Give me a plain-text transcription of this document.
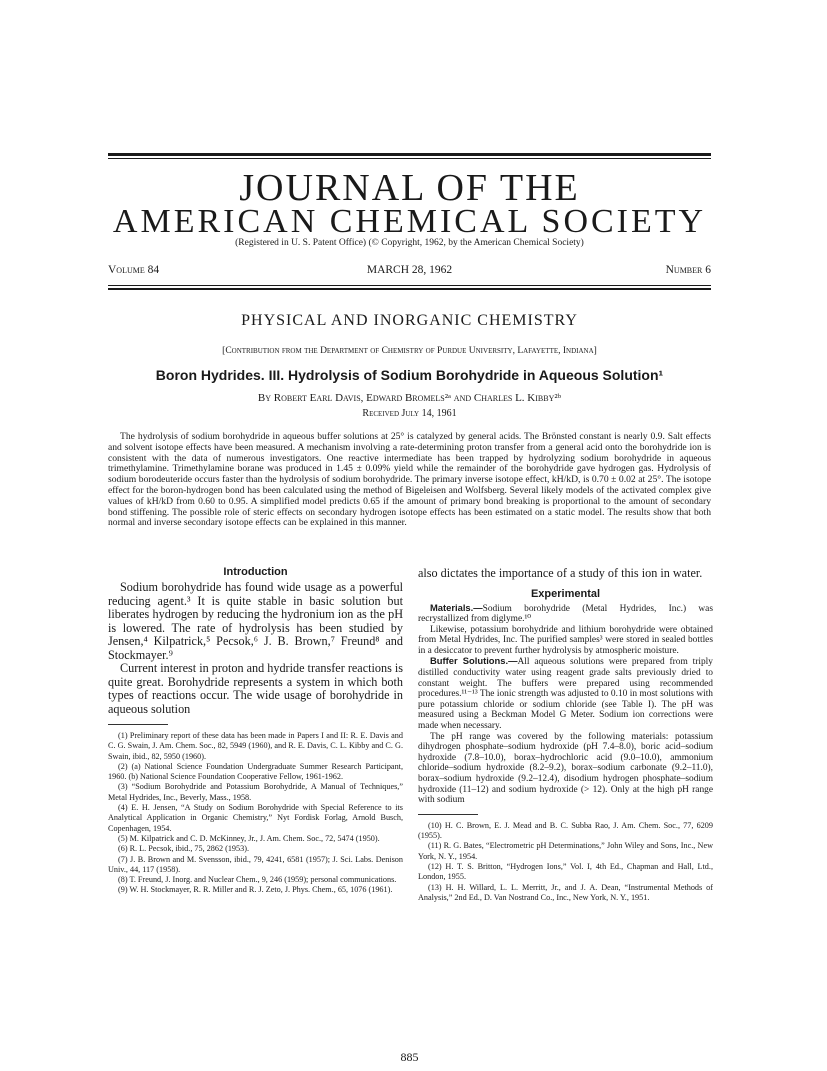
JOURNAL OF THE
AMERICAN CHEMICAL SOCIETY
(Registered in U. S. Patent Office) (© Copyright, 1962, by the American Chemical Society)
Volume 84	MARCH 28, 1962	Number 6
PHYSICAL AND INORGANIC CHEMISTRY
[Contribution from the Department of Chemistry of Purdue University, Lafayette, Indiana]
Boron Hydrides. III. Hydrolysis of Sodium Borohydride in Aqueous Solution¹
By Robert Earl Davis, Edward Bromels²ᵃ and Charles L. Kibby²ᵇ
Received July 14, 1961

The hydrolysis of sodium borohydride in aqueous buffer solutions at 25° is catalyzed by general acids. The Brönsted constant is nearly 0.9. Salt effects and solvent isotope effects have been measured. A mechanism involving a rate-determining proton transfer from a general acid onto the borohydride ion is consistent with the data of numerous investigators. One reactive intermediate has been trapped by hydrolyzing sodium borohydride in aqueous trimethylamine. Trimethylamine borane was produced in 1.45 ± 0.09% yield while the remainder of the borohydride gave hydrogen gas. Hydrolysis of sodium borodeuteride occurs faster than the hydrolysis of sodium borohydride. The primary inverse isotope effect, kH/kD, is 0.70 ± 0.02 at 25°. The isotope effect for the boron-hydrogen bond has been calculated using the method of Bigeleisen and Wolfsberg. Several likely models of the activated complex give values of kH/kD from 0.60 to 0.95. A simplified model predicts 0.65 if the amount of primary bond breaking is proportional to the amount of secondary bond stiffening. The possible role of steric effects on secondary hydrogen isotope effects has been estimated on a static model. The results show that both normal and inverse secondary isotope effects can be explained in this manner.

Introduction

Sodium borohydride has found wide usage as a powerful reducing agent.³ It is quite stable in basic solution but liberates hydrogen by reducing the hydronium ion as the pH is lowered. The rate of hydrolysis has been studied by Jensen,⁴ Kilpatrick,⁵ Pecsok,⁶ J. B. Brown,⁷ Freund⁸ and Stockmayer.⁹

Current interest in proton and hydride transfer reactions is quite great. Borohydride represents a system in which both types of reactions occur. The wide usage of borohydride in aqueous solution

(1) Preliminary report of these data has been made in Papers I and II: R. E. Davis and C. G. Swain, J. Am. Chem. Soc., 82, 5949 (1960), and R. E. Davis, C. L. Kibby and C. G. Swain, ibid., 82, 5950 (1960).

(2) (a) National Science Foundation Undergraduate Summer Research Participant, 1960. (b) National Science Foundation Cooperative Fellow, 1961-1962.

(3) “Sodium Borohydride and Potassium Borohydride, A Manual of Techniques,” Metal Hydrides, Inc., Beverly, Mass., 1958.

(4) E. H. Jensen, “A Study on Sodium Borohydride with Special Reference to its Analytical Application in Organic Chemistry,” Nyt Fordisk Forlag, Arnold Busch, Copenhagen, 1954.

(5) M. Kilpatrick and C. D. McKinney, Jr., J. Am. Chem. Soc., 72, 5474 (1950).

(6) R. L. Pecsok, ibid., 75, 2862 (1953).

(7) J. B. Brown and M. Svensson, ibid., 79, 4241, 6581 (1957); J. Sci. Labs. Denison Univ., 44, 117 (1958).

(8) T. Freund, J. Inorg. and Nuclear Chem., 9, 246 (1959); personal communications.

(9) W. H. Stockmayer, R. R. Miller and R. J. Zeto, J. Phys. Chem., 65, 1076 (1961).

also dictates the importance of a study of this ion in water.

Experimental

Materials.—Sodium borohydride (Metal Hydrides, Inc.) was recrystallized from diglyme.¹⁰

Likewise, potassium borohydride and lithium borohydride were obtained from Metal Hydrides, Inc. The purified samples³ were stored in sealed bottles in a desiccator to prevent further hydrolysis by atmospheric moisture.

Buffer Solutions.—All aqueous solutions were prepared from triply distilled conductivity water using reagent grade salts previously dried to constant weight. The buffers were prepared using recommended procedures.¹¹⁻¹³ The ionic strength was adjusted to 0.10 in most solutions with pure potassium chloride or sodium chloride (see Table I). The pH was measured using a Beckman Model G Meter. Sodium ion corrections were made when necessary.

The pH range was covered by the following materials: potassium dihydrogen phosphate–sodium hydroxide (pH 7.4–8.0), boric acid–sodium hydroxide (7.8–10.0), borax–hydrochloric acid (9.0–10.0), ammonium chloride–sodium hydroxide (8.2–9.2), borax–sodium carbonate (9.2–11.0), borax–sodium hydroxide (9.2–12.4), disodium hydrogen phosphate–sodium hydroxide (11–12) and sodium hydroxide (> 12). Only at the high pH range with sodium

(10) H. C. Brown, E. J. Mead and B. C. Subba Rao, J. Am. Chem. Soc., 77, 6209 (1955).

(11) R. G. Bates, “Electrometric pH Determinations,” John Wiley and Sons, Inc., New York, N. Y., 1954.

(12) H. T. S. Britton, “Hydrogen Ions,” Vol. I, 4th Ed., Chapman and Hall, Ltd., London, 1955.

(13) H. H. Willard, L. L. Merritt, Jr., and J. A. Dean, “Instrumental Methods of Analysis,” 2nd Ed., D. Van Nostrand Co., Inc., New York, N. Y., 1951.

885
